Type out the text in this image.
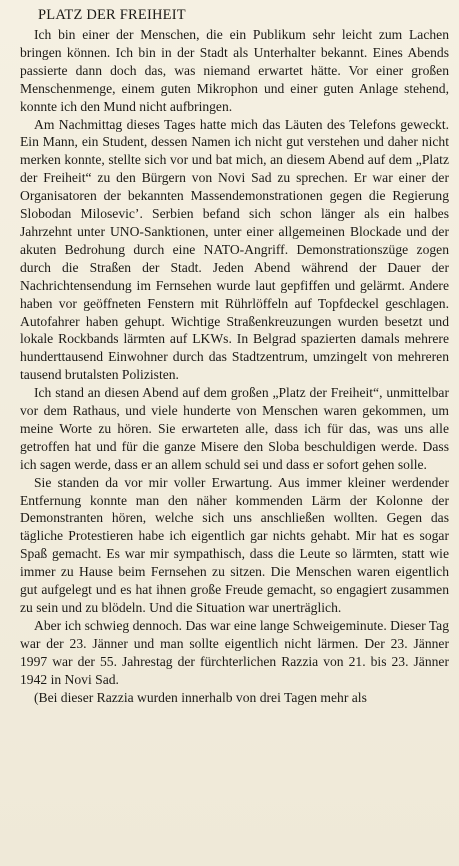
PLATZ DER FREIHEIT

Ich bin einer der Menschen, die ein Publikum sehr leicht zum Lachen bringen können. Ich bin in der Stadt als Unterhalter bekannt. Eines Abends passierte dann doch das, was niemand erwartet hätte. Vor einer großen Menschenmenge, einem guten Mikrophon und einer guten Anlage stehend, konnte ich den Mund nicht aufbringen.

Am Nachmittag dieses Tages hatte mich das Läuten des Telefons geweckt. Ein Mann, ein Student, dessen Namen ich nicht gut verstehen und daher nicht merken konnte, stellte sich vor und bat mich, an diesem Abend auf dem „Platz der Freiheit“ zu den Bürgern von Novi Sad zu sprechen. Er war einer der Organisatoren der bekannten Massendemonstrationen gegen die Regierung Slobodan Milosevic’. Serbien befand sich schon länger als ein halbes Jahrzehnt unter UNO-Sanktionen, unter einer allgemeinen Blockade und der akuten Bedrohung durch eine NATO-Angriff. Demonstrationszüge zogen durch die Straßen der Stadt. Jeden Abend während der Dauer der Nachrichtensendung im Fernsehen wurde laut gepfiffen und gelärmt. Andere haben vor geöffneten Fenstern mit Rührlöffeln auf Topfdeckel geschlagen. Autofahrer haben gehupt. Wichtige Straßenkreuzungen wurden besetzt und lokale Rockbands lärmten auf LKWs. In Belgrad spazierten damals mehrere hunderttausend Einwohner durch das Stadtzentrum, umzingelt von mehreren tausend brutalsten Polizisten.

Ich stand an diesen Abend auf dem großen „Platz der Freiheit“, unmittelbar vor dem Rathaus, und viele hunderte von Menschen waren gekommen, um meine Worte zu hören. Sie erwarteten alle, dass ich für das, was uns alle getroffen hat und für die ganze Misere den Sloba beschuldigen werde. Dass ich sagen werde, dass er an allem schuld sei und dass er sofort gehen solle.

Sie standen da vor mir voller Erwartung. Aus immer kleiner werdender Entfernung konnte man den näher kommenden Lärm der Kolonne der Demonstranten hören, welche sich uns anschließen wollten. Gegen das tägliche Protestieren habe ich eigentlich gar nichts gehabt. Mir hat es sogar Spaß gemacht. Es war mir sympathisch, dass die Leute so lärmten, statt wie immer zu Hause beim Fernsehen zu sitzen. Die Menschen waren eigentlich gut aufgelegt und es hat ihnen große Freude gemacht, so engagiert zusammen zu sein und zu blödeln. Und die Situation war unerträglich.

Aber ich schwieg dennoch. Das war eine lange Schweigeminute. Dieser Tag war der 23. Jänner und man sollte eigentlich nicht lärmen. Der 23. Jänner 1997 war der 55. Jahrestag der fürchterlichen Razzia von 21. bis 23. Jänner 1942 in Novi Sad.

(Bei dieser Razzia wurden innerhalb von drei Tagen mehr als
